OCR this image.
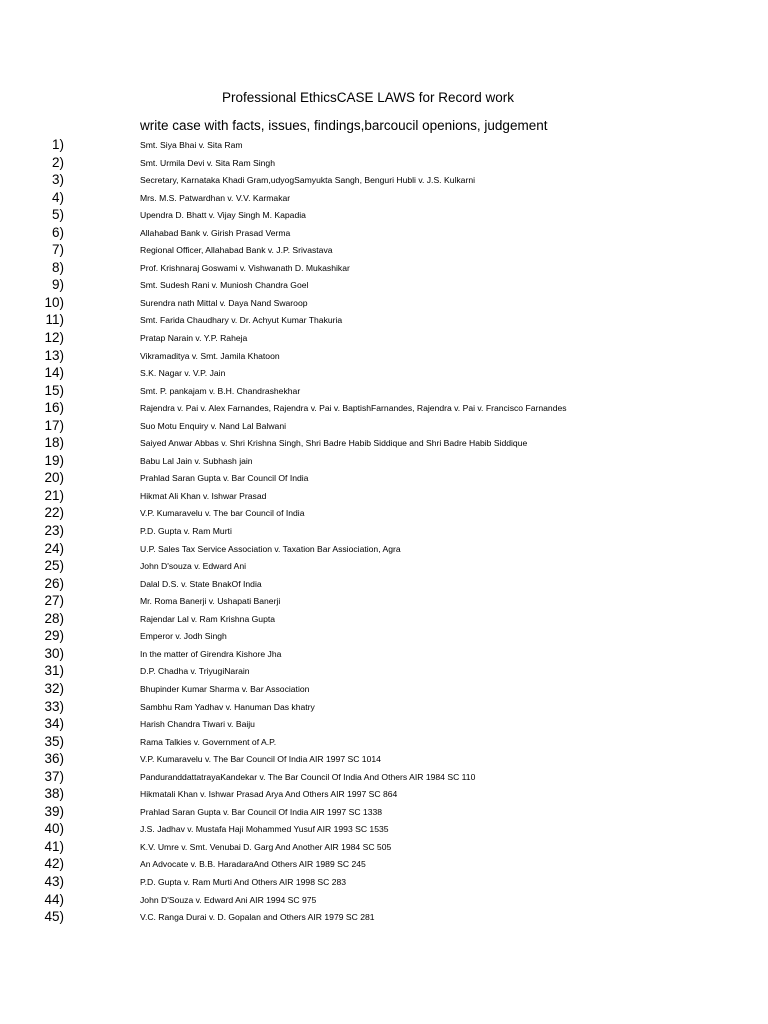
Professional EthicsCASE LAWS for Record work
write case with facts, issues, findings,barcoucil openions, judgement
1)	Smt. Siya Bhai v. Sita Ram
2)	Smt. Urmila Devi v. Sita Ram Singh
3)	Secretary, Karnataka Khadi Gram,udyogSamyukta Sangh, Benguri Hubli v. J.S. Kulkarni
4)	Mrs. M.S. Patwardhan v. V.V. Karmakar
5)	Upendra D. Bhatt v. Vijay Singh M. Kapadia
6)	Allahabad Bank v. Girish Prasad Verma
7)	Regional Officer, Allahabad Bank v. J.P. Srivastava
8)	Prof. Krishnaraj Goswami v. Vishwanath D. Mukashikar
9)	Smt. Sudesh Rani v. Muniosh Chandra Goel
10)	Surendra nath Mittal v. Daya Nand Swaroop
11)	Smt. Farida Chaudhary v. Dr. Achyut Kumar Thakuria
12)	Pratap Narain v. Y.P. Raheja
13)	Vikramaditya v. Smt. Jamila Khatoon
14)	S.K. Nagar v. V.P. Jain
15)	Smt. P. pankajam v. B.H. Chandrashekhar
16)	Rajendra v. Pai v. Alex Farnandes, Rajendra v. Pai v. BaptishFarnandes, Rajendra v. Pai v. Francisco Farnandes
17)	Suo Motu Enquiry v. Nand Lal Balwani
18)	Saiyed Anwar Abbas v. Shri Krishna Singh, Shri Badre Habib Siddique and Shri Badre Habib Siddique
19)	Babu Lal Jain v. Subhash jain
20)	Prahlad Saran Gupta v. Bar Council Of India
21)	Hikmat Ali Khan v. Ishwar Prasad
22)	V.P. Kumaravelu v. The bar Council of India
23)	P.D. Gupta v. Ram Murti
24)	U.P. Sales Tax Service Association v. Taxation Bar Assiociation, Agra
25)	John D'souza v. Edward Ani
26)	Dalal D.S. v. State BnakOf India
27)	Mr. Roma Banerji v. Ushapati Banerji
28)	Rajendar Lal v. Ram Krishna Gupta
29)	Emperor v. Jodh Singh
30)	In the matter of Girendra Kishore Jha
31)	D.P. Chadha v. TriyugiNarain
32)	Bhupinder Kumar Sharma v. Bar Association
33)	Sambhu Ram Yadhav v. Hanuman Das khatry
34)	Harish Chandra Tiwari v. Baiju
35)	Rama Talkies v. Government of A.P.
36)	V.P. Kumaravelu v. The Bar Council Of India AIR 1997 SC 1014
37)	PanduranddattatrayaKandekar v. The Bar Council Of India And Others AIR 1984 SC 110
38)	Hikmatali Khan v. Ishwar Prasad Arya And Others AIR 1997 SC 864
39)	Prahlad Saran Gupta v. Bar Council Of India AIR 1997 SC 1338
40)	J.S. Jadhav v. Mustafa Haji Mohammed Yusuf AIR 1993 SC 1535
41)	K.V. Umre v. Smt. Venubai D. Garg And Another AIR 1984 SC 505
42)	An Advocate v. B.B. HaradaraAnd Others AIR 1989 SC 245
43)	P.D. Gupta v. Ram Murti And Others AIR 1998 SC 283
44)	John D'Souza v. Edward Ani AIR 1994 SC 975
45)	V.C. Ranga Durai v. D. Gopalan and Others AIR 1979 SC 281
